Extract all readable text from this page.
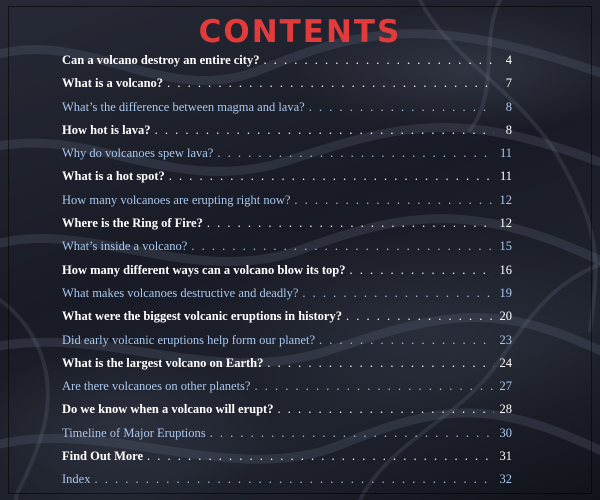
CONTENTS
Can a volcano destroy an entire city? . . .	4
What is a volcano? . . .	7
What’s the difference between magma and lava? . . .	8
How hot is lava? . . .	8
Why do volcanoes spew lava? . . .	11
What is a hot spot? . . .	11
How many volcanoes are erupting right now? . . .	12
Where is the Ring of Fire? . . .	12
What’s inside a volcano? . . .	15
How many different ways can a volcano blow its top? . . .	16
What makes volcanoes destructive and deadly? . . .	19
What were the biggest volcanic eruptions in history? . . .	20
Did early volcanic eruptions help form our planet? . . .	23
What is the largest volcano on Earth? . . .	24
Are there volcanoes on other planets? . . .	27
Do we know when a volcano will erupt? . . .	28
Timeline of Major Eruptions . . .	30
Find Out More . . .	31
Index . . .	32
